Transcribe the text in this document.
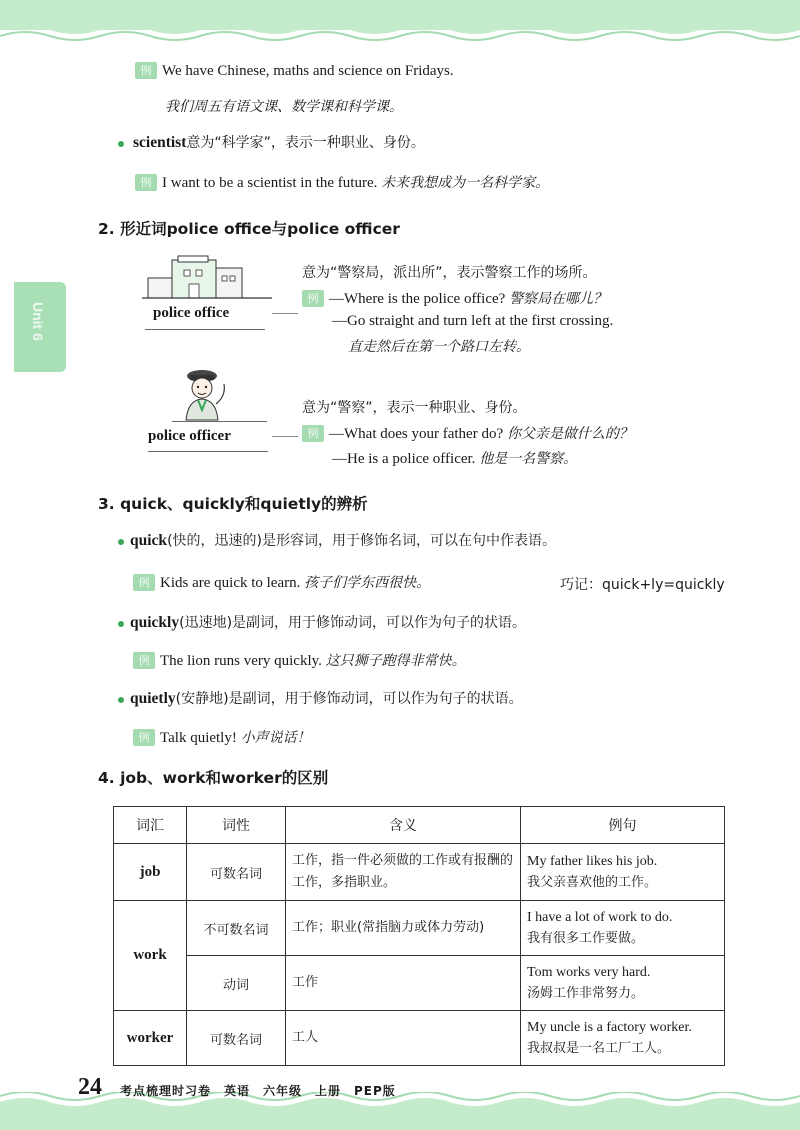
Unit 6
例 We have Chinese, maths and science on Fridays.
我们周五有语文课、数学课和科学课。
scientist意为“科学家”，表示一种职业、身份。
例 I want to be a scientist in the future. 未来我想成为一名科学家。
2. 形近词police office与police officer
police office
意为“警察局，派出所”，表示警察工作的场所。
例 —Where is the police office? 警察局在哪儿？
—Go straight and turn left at the first crossing.
直走然后在第一个路口左转。
police officer
意为“警察”，表示一种职业、身份。
例 —What does your father do? 你父亲是做什么的？
—He is a police officer. 他是一名警察。
3. quick、quickly和quietly的辨析
quick(快的，迅速的)是形容词，用于修饰名词，可以在句中作表语。
例 Kids are quick to learn. 孩子们学东西很快。	巧记：quick+ly=quickly
quickly(迅速地)是副词，用于修饰动词，可以作为句子的状语。
例 The lion runs very quickly. 这只狮子跑得非常快。
quietly(安静地)是副词，用于修饰动词，可以作为句子的状语。
例 Talk quietly! 小声说话！
4. job、work和worker的区别
词汇	词性	含义	例句
job	可数名词	工作，指一件必须做的工作或有报酬的工作，多指职业。	My father likes his job.
我父亲喜欢他的工作。

work	不可数名词	工作；职业(常指脑力或体力劳动)	I have a lot of work to do.
我有很多工作要做。

	动词	工作	Tom works very hard.
汤姆工作非常努力。

worker	可数名词	工人	My uncle is a factory worker.
我叔叔是一名工厂工人。
24 考点梳理时习卷　英语　六年级　上册　PEP版
